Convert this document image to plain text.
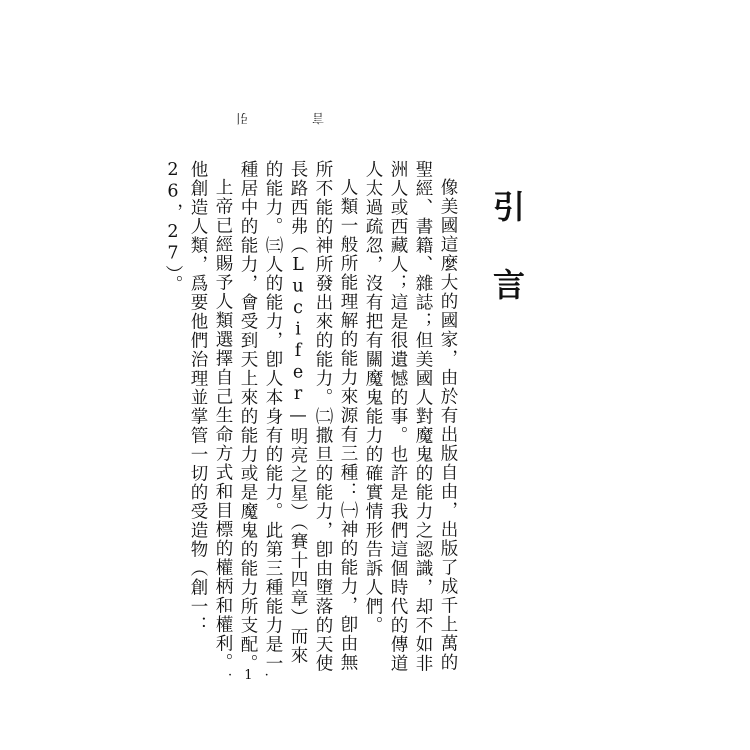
言　引
引言

像美國這麼大的國家，由於有出版自由，出版了成千上萬的聖經、書籍、雜誌；但美國人對魔鬼的能力之認識，却不如非洲人或西藏人；這是很遺憾的事。也許是我們這個時代的傳道人太過疏忽，沒有把有關魔鬼能力的確實情形告訴人們。

人類一般所能理解的能力來源有三種：㈠神的能力，卽由無所不能的神所發出來的能力。㈡撒旦的能力，卽由墮落的天使長路西弗（Lucifer—明亮之星）（賽十四章）而來的能力。㈢人的能力，卽人本身有的能力。此第三種能力是一種居中的能力，會受到天上來的能力或是魔鬼的能力所支配。

上帝已經賜予人類選擇自己生命方式和目標的權柄和權利。他創造人類，爲要他們治理並掌管一切的受造物（創一：26，27）。

· 1 ·
